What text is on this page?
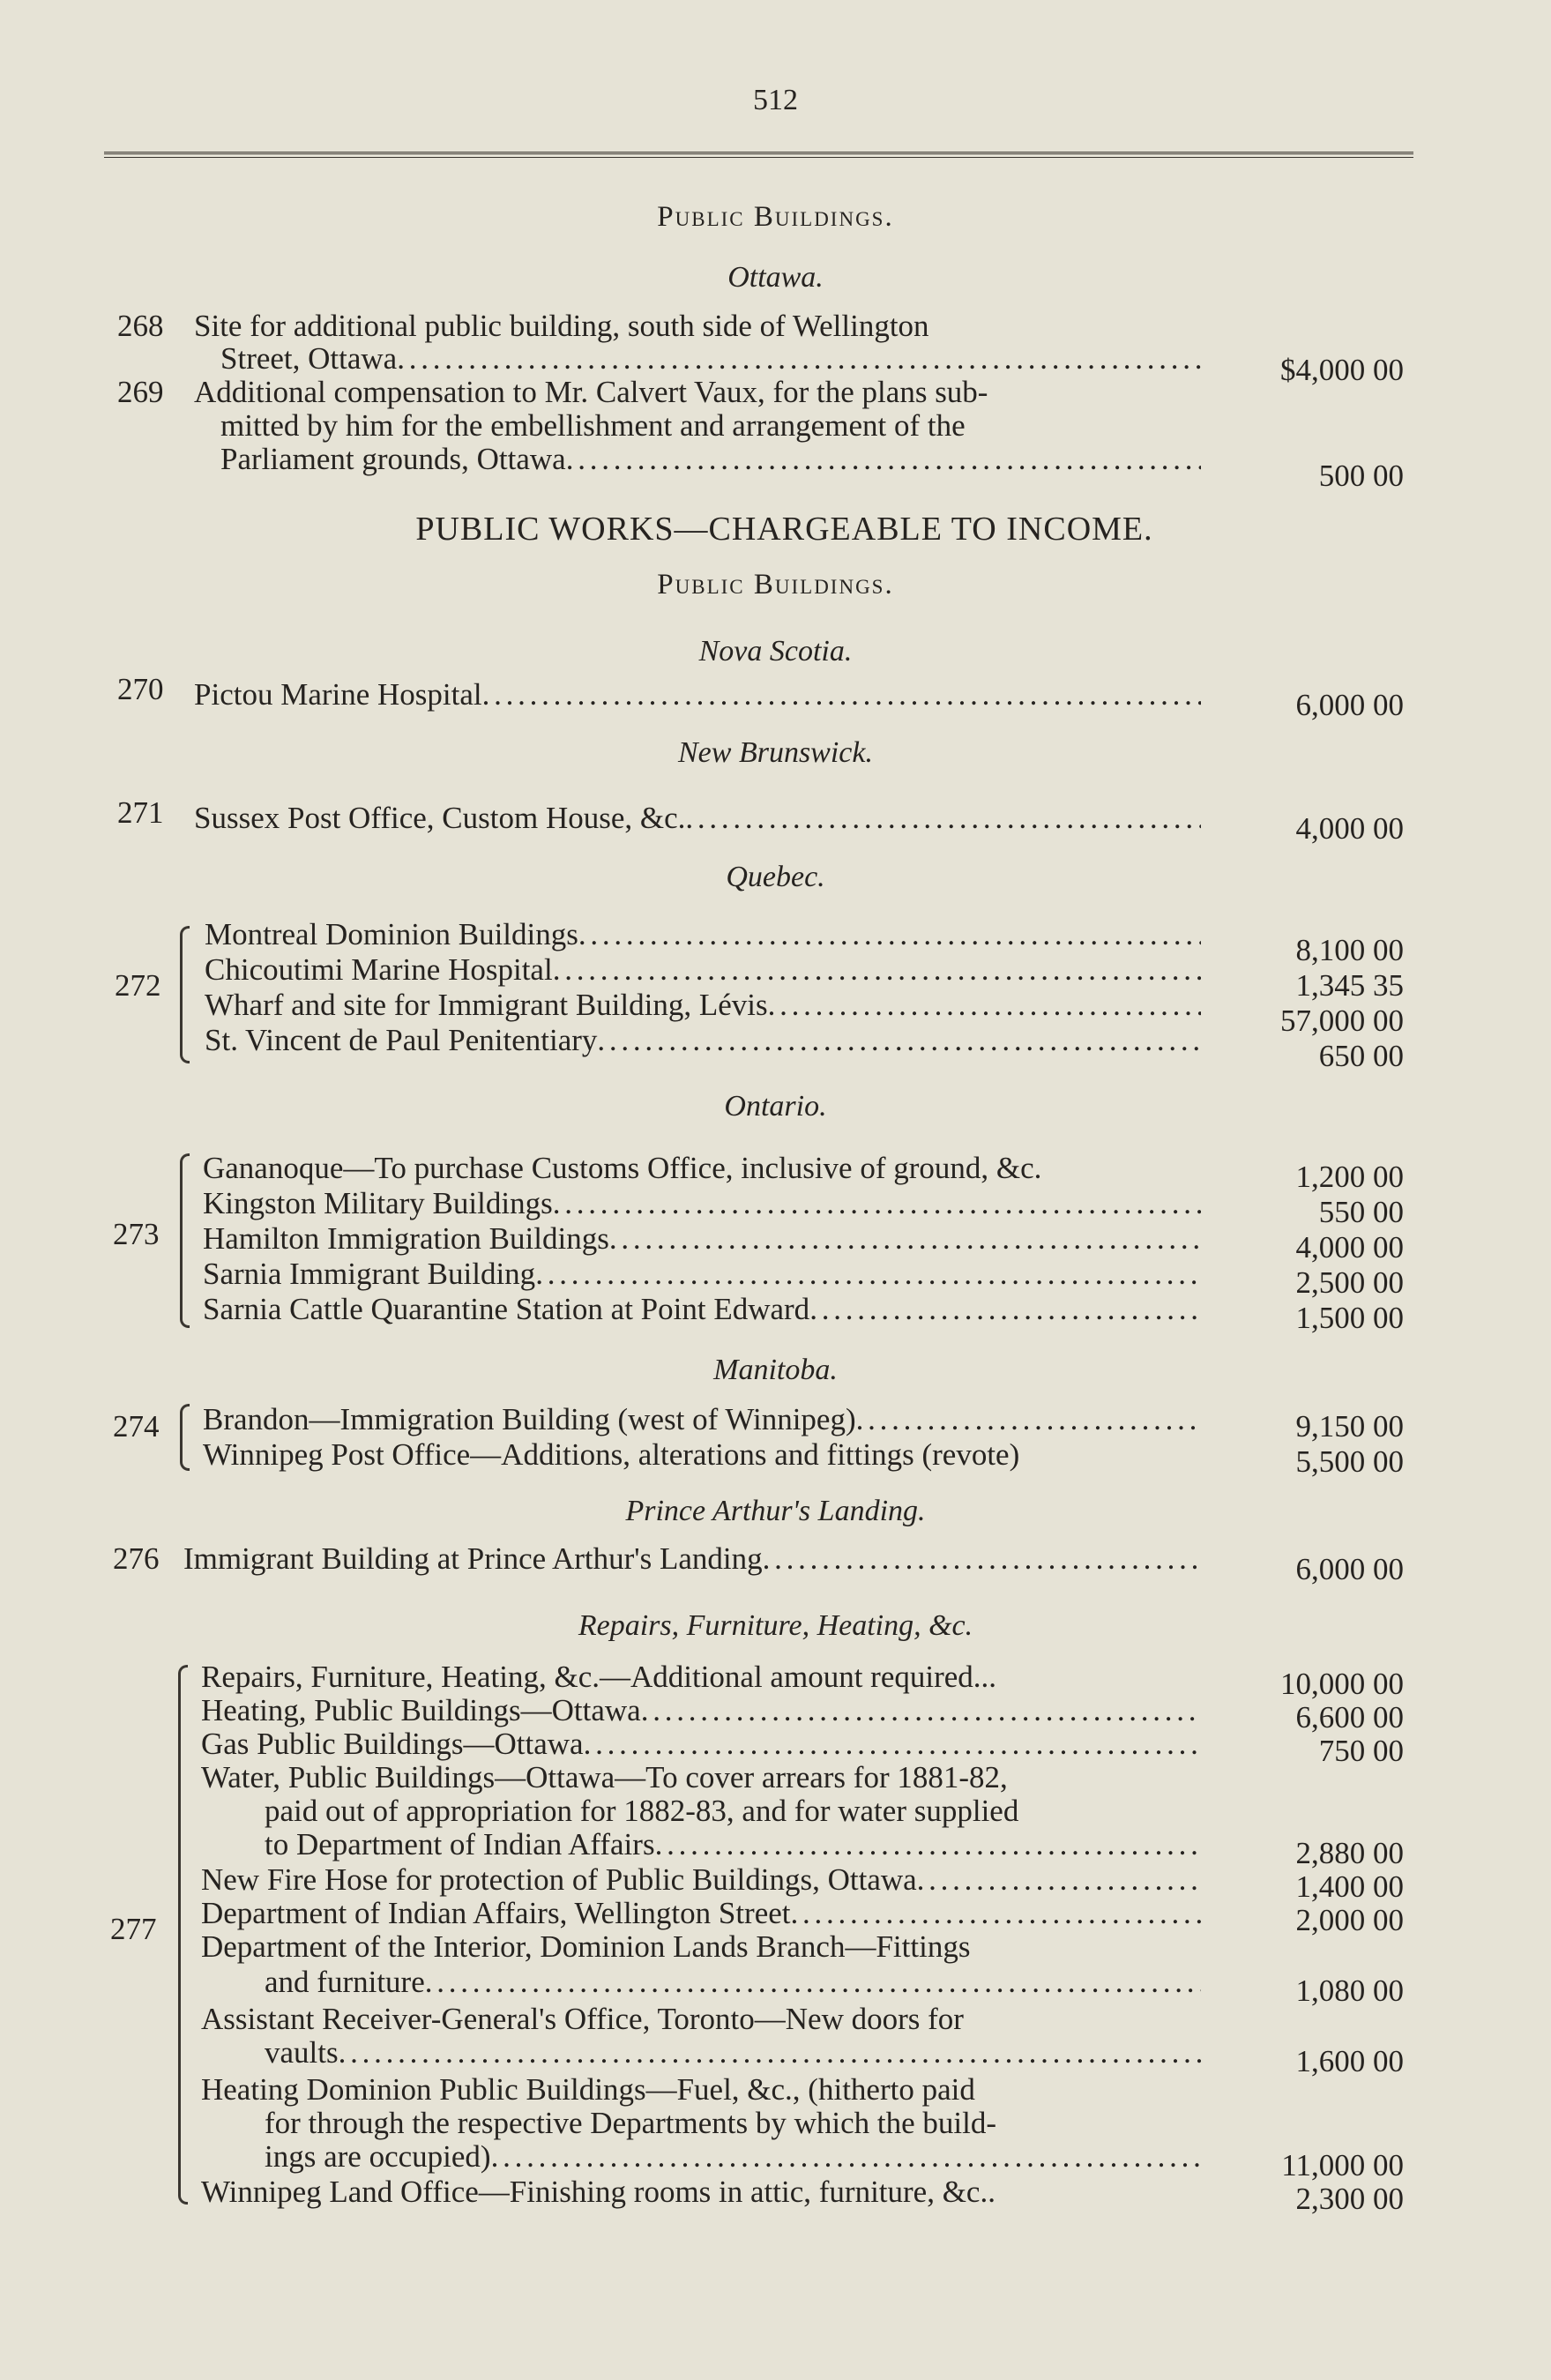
512
Public Buildings.
Ottawa.
268 Site for additional public building, south side of Wellington
Street, Ottawa . . .	$4,000 00
269 Additional compensation to Mr. Calvert Vaux, for the plans sub-
mitted by him for the embellishment and arrangement of the
Parliament grounds, Ottawa . . .	500 00
PUBLIC WORKS—CHARGEABLE TO INCOME.
Public Buildings.
Nova Scotia.
270 Pictou Marine Hospital . . .	6,000 00
New Brunswick.
271 Sussex Post Office, Custom House, &c. . . .	4,000 00
Quebec.
272
Montreal Dominion Buildings . . .	8,100 00
Chicoutimi Marine Hospital . . .	1,345 35
Wharf and site for Immigrant Building, Lévis . . .	57,000 00
St. Vincent de Paul Penitentiary . . .	650 00
Ontario.
273
Gananoque—To purchase Customs Office, inclusive of ground, &c.	1,200 00
Kingston Military Buildings . . .	550 00
Hamilton Immigration Buildings . . .	4,000 00
Sarnia Immigrant Building . . .	2,500 00
Sarnia Cattle Quarantine Station at Point Edward . . .	1,500 00
Manitoba.
274 Brandon—Immigration Building (west of Winnipeg) . . .	9,150 00
Winnipeg Post Office—Additions, alterations and fittings (revote)	5,500 00
Prince Arthur's Landing.
276 Immigrant Building at Prince Arthur's Landing . . .	6,000 00
Repairs, Furniture, Heating, &c.
277
Repairs, Furniture, Heating, &c.—Additional amount required...	10,000 00
Heating, Public Buildings—Ottawa . . .	6,600 00
Gas Public Buildings—Ottawa . . .	750 00
Water, Public Buildings—Ottawa—To cover arrears for 1881-82,
paid out of appropriation for 1882-83, and for water supplied
to Department of Indian Affairs . . .	2,880 00
New Fire Hose for protection of Public Buildings, Ottawa . . .	1,400 00
Department of Indian Affairs, Wellington Street . . .	2,000 00
Department of the Interior, Dominion Lands Branch—Fittings
and furniture . . .	1,080 00
Assistant Receiver-General's Office, Toronto—New doors for
vaults . . .	1,600 00
Heating Dominion Public Buildings—Fuel, &c., (hitherto paid
for through the respective Departments by which the build-
ings are occupied) . . .	11,000 00
Winnipeg Land Office—Finishing rooms in attic, furniture, &c..	2,300 00
